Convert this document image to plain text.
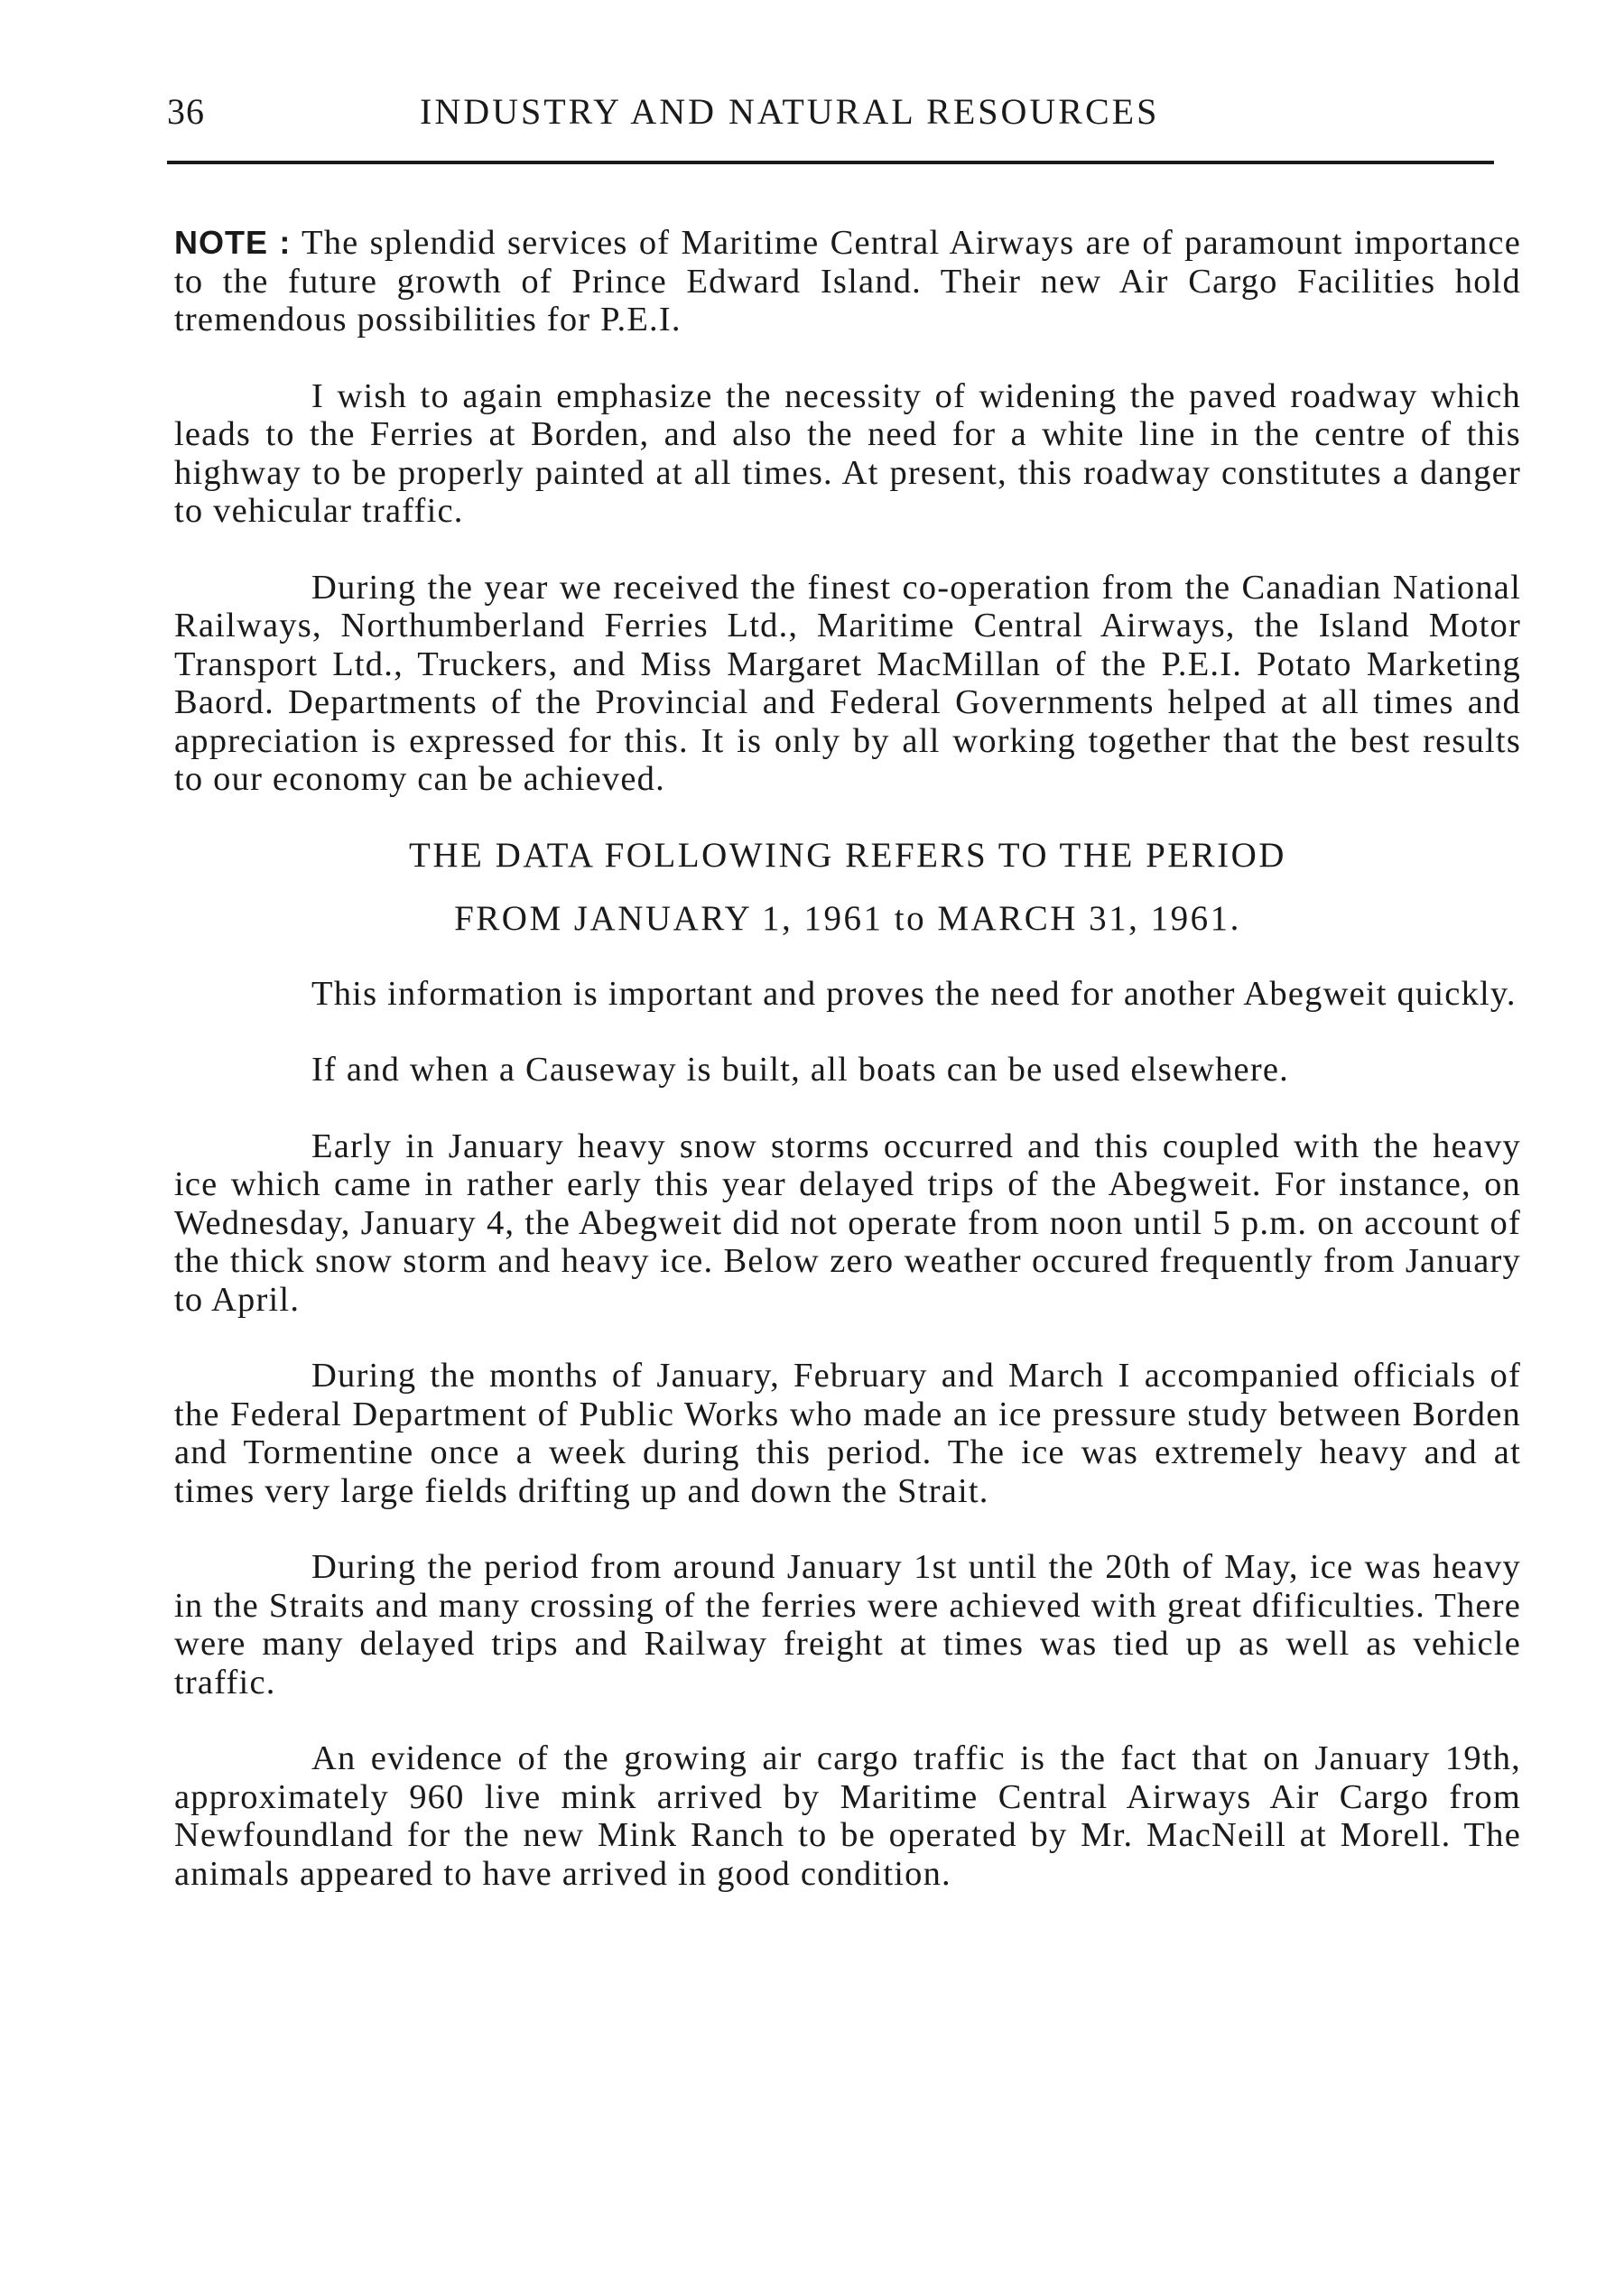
36	INDUSTRY AND NATURAL RESOURCES

NOTE : The splendid services of Maritime Central Airways are of paramount importance to the future growth of Prince Edward Island. Their new Air Cargo Facilities hold tremendous possibilities for P.E.I.

I wish to again emphasize the necessity of widening the paved roadway which leads to the Ferries at Borden, and also the need for a white line in the centre of this highway to be properly painted at all times. At present, this roadway constitutes a danger to vehicular traffic.

During the year we received the finest co-operation from the Canadian National Railways, Northumberland Ferries Ltd., Maritime Central Airways, the Island Motor Transport Ltd., Truckers, and Miss Margaret MacMillan of the P.E.I. Potato Marketing Baord. Departments of the Provincial and Federal Governments helped at all times and appreciation is expressed for this. It is only by all working together that the best results to our economy can be achieved.

THE DATA FOLLOWING REFERS TO THE PERIOD

FROM JANUARY 1, 1961 to MARCH 31, 1961.

This information is important and proves the need for another Abegweit quickly.

If and when a Causeway is built, all boats can be used elsewhere.

Early in January heavy snow storms occurred and this coupled with the heavy ice which came in rather early this year delayed trips of the Abegweit. For instance, on Wednesday, January 4, the Abegweit did not operate from noon until 5 p.m. on account of the thick snow storm and heavy ice. Below zero weather occured frequently from January to April.

During the months of January, February and March I accompanied officials of the Federal Department of Public Works who made an ice pressure study between Borden and Tormentine once a week during this period. The ice was extremely heavy and at times very large fields drifting up and down the Strait.

During the period from around January 1st until the 20th of May, ice was heavy in the Straits and many crossing of the ferries were achieved with great dfificulties. There were many delayed trips and Railway freight at times was tied up as well as vehicle traffic.

An evidence of the growing air cargo traffic is the fact that on January 19th, approximately 960 live mink arrived by Maritime Central Airways Air Cargo from Newfoundland for the new Mink Ranch to be operated by Mr. MacNeill at Morell. The animals appeared to have arrived in good condition.
